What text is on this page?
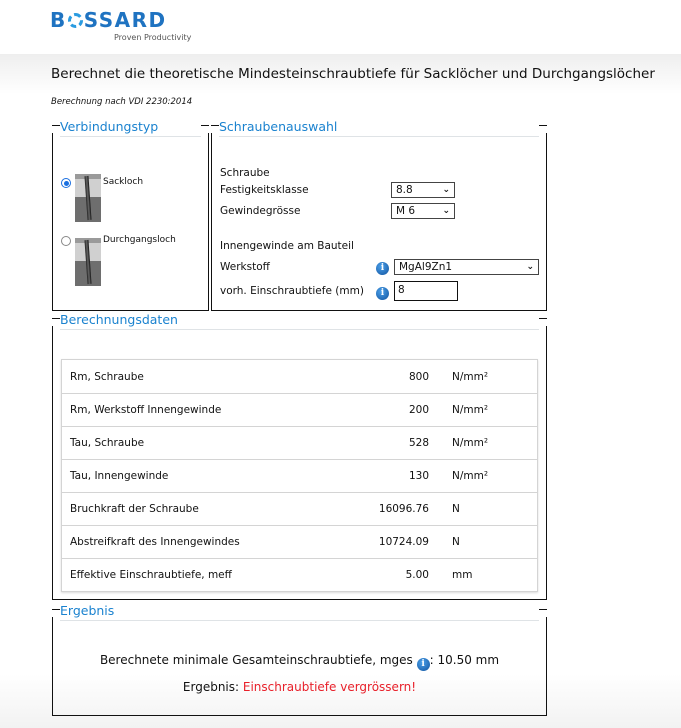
B SSARD
Proven Productivity
Berechnet die theoretische Mindesteinschraubtiefe für Sacklöcher und Durchgangslöcher
Berechnung nach VDI 2230:2014
Verbindungstyp
Sackloch
Durchgangsloch
Schraubenauswahl
Schraube
Festigkeitsklasse	8.8	⌄
Gewindegrösse	M 6	⌄
Innengewinde am Bauteil
Werkstoff	i	MgAl9Zn1	⌄
vorh. Einschraubtiefe (mm)	i	8
Berechnungsdaten
Rm, Schraube	800	N/mm²
Rm, Werkstoff Innengewinde	200	N/mm²
Tau, Schraube	528	N/mm²
Tau, Innengewinde	130	N/mm²
Bruchkraft der Schraube	16096.76	N
Abstreifkraft des Innengewindes	10724.09	N
Effektive Einschraubtiefe, meff	5.00	mm
Ergebnis
Berechnete minimale Gesamteinschraubtiefe, mges i : 10.50 mm
Ergebnis: Einschraubtiefe vergrössern!
